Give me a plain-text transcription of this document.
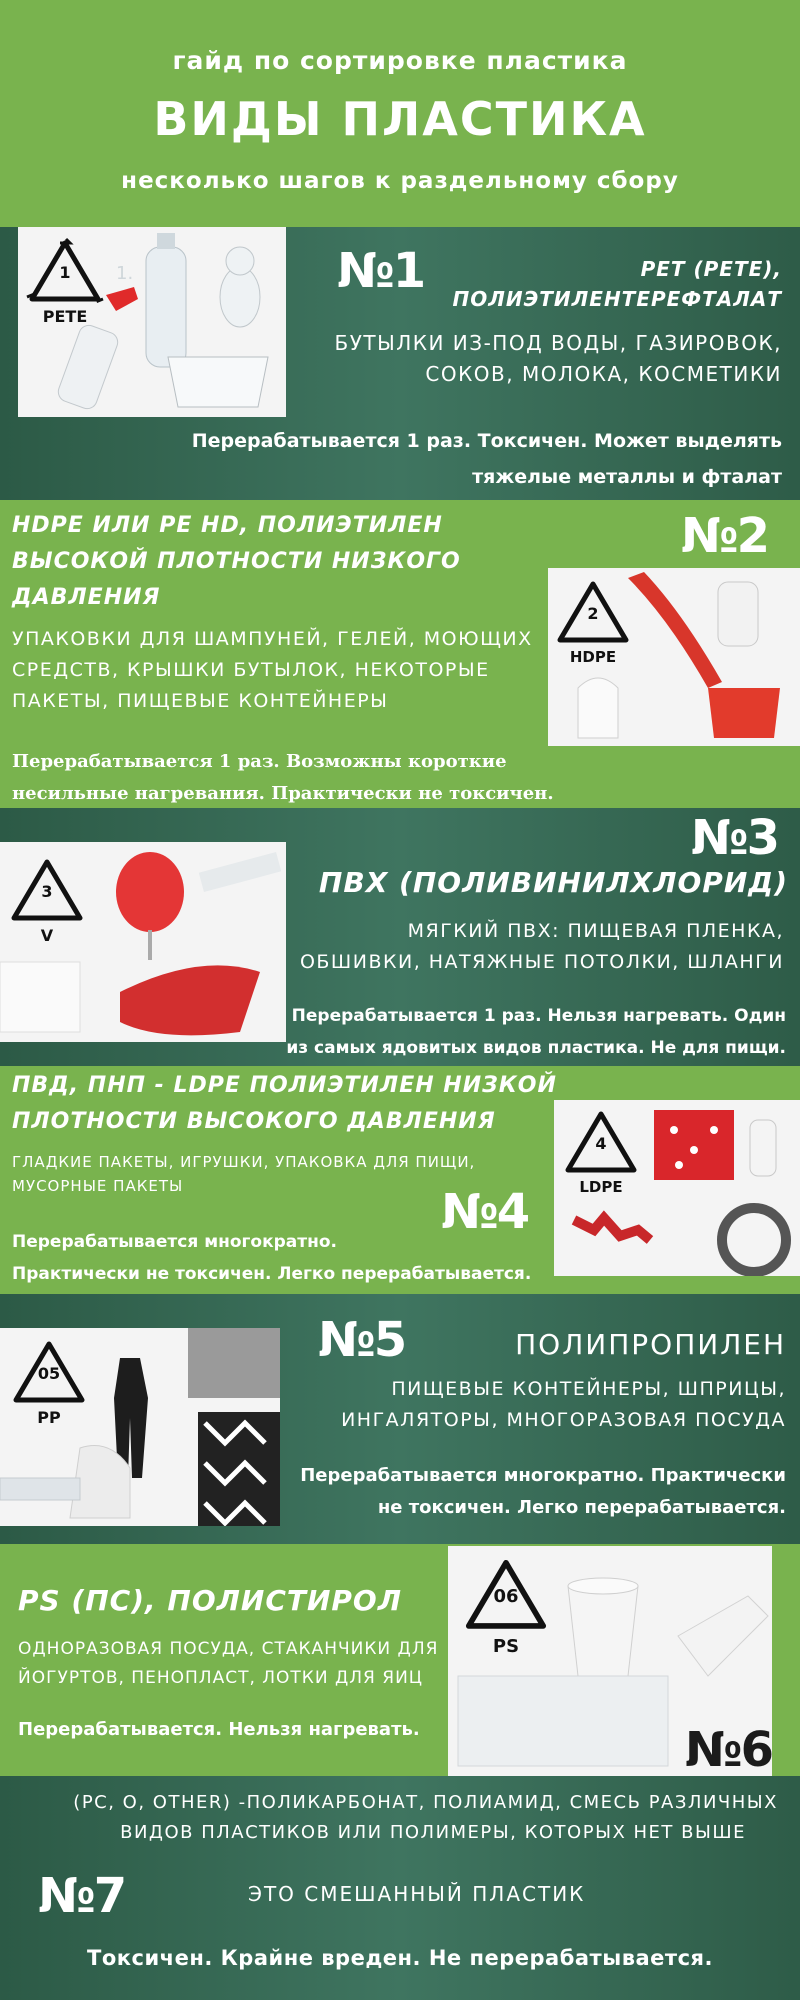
гайд по сортировке пластика
ВИДЫ ПЛАСТИКА
несколько шагов к раздельному сбору
1.
1
PETE
№1	PET (PETE),
ПОЛИЭТИЛЕНТЕРЕФТАЛАТ
БУТЫЛКИ ИЗ-ПОД ВОДЫ, ГАЗИРОВОК,
СОКОВ, МОЛОКА, КОСМЕТИКИ
Перерабатывается 1 раз. Токсичен. Может выделять
тяжелые металлы и фталат
HDPE ИЛИ PE HD, ПОЛИЭТИЛЕН
ВЫСОКОЙ ПЛОТНОСТИ НИЗКОГО
ДАВЛЕНИЯ
№2
УПАКОВКИ ДЛЯ ШАМПУНЕЙ, ГЕЛЕЙ, МОЮЩИХ
СРЕДСТВ, КРЫШКИ БУТЫЛОК, НЕКОТОРЫЕ
ПАКЕТЫ, ПИЩЕВЫЕ КОНТЕЙНЕРЫ
Перерабатывается 1 раз. Возможны короткие
несильные нагревания. Практически не токсичен.
2
HDPE
№3
3
V
ПВХ (ПОЛИВИНИЛХЛОРИД)
МЯГКИЙ ПВХ: ПИЩЕВАЯ ПЛЕНКА,
ОБШИВКИ, НАТЯЖНЫЕ ПОТОЛКИ, ШЛАНГИ
Перерабатывается 1 раз. Нельзя нагревать. Один
из самых ядовитых видов пластика. Не для пищи.
ПВД, ПНП - LDPE ПОЛИЭТИЛЕН НИЗКОЙ
ПЛОТНОСТИ ВЫСОКОГО ДАВЛЕНИЯ
ГЛАДКИЕ ПАКЕТЫ, ИГРУШКИ, УПАКОВКА ДЛЯ ПИЩИ,
МУСОРНЫЕ ПАКЕТЫ	№4
Перерабатывается многократно.
Практически не токсичен. Легко перерабатывается.
4
LDPE
№5	ПОЛИПРОПИЛЕН
ПИЩЕВЫЕ КОНТЕЙНЕРЫ, ШПРИЦЫ,
ИНГАЛЯТОРЫ, МНОГОРАЗОВАЯ ПОСУДА
Перерабатывается многократно. Практически
не токсичен. Легко перерабатывается.
05
PP
PS (ПС), ПОЛИСТИРОЛ
ОДНОРАЗОВАЯ ПОСУДА, СТАКАНЧИКИ ДЛЯ
ЙОГУРТОВ, ПЕНОПЛАСТ, ЛОТКИ ДЛЯ ЯИЦ
Перерабатывается. Нельзя нагревать.
06
PS
№6
(PC, O, OTHER) -ПОЛИКАРБОНАТ, ПОЛИАМИД, СМЕСЬ РАЗЛИЧНЫХ
ВИДОВ ПЛАСТИКОВ ИЛИ ПОЛИМЕРЫ, КОТОРЫХ НЕТ ВЫШЕ
№7	ЭТО СМЕШАННЫЙ ПЛАСТИК
Токсичен. Крайне вреден. Не перерабатывается.
